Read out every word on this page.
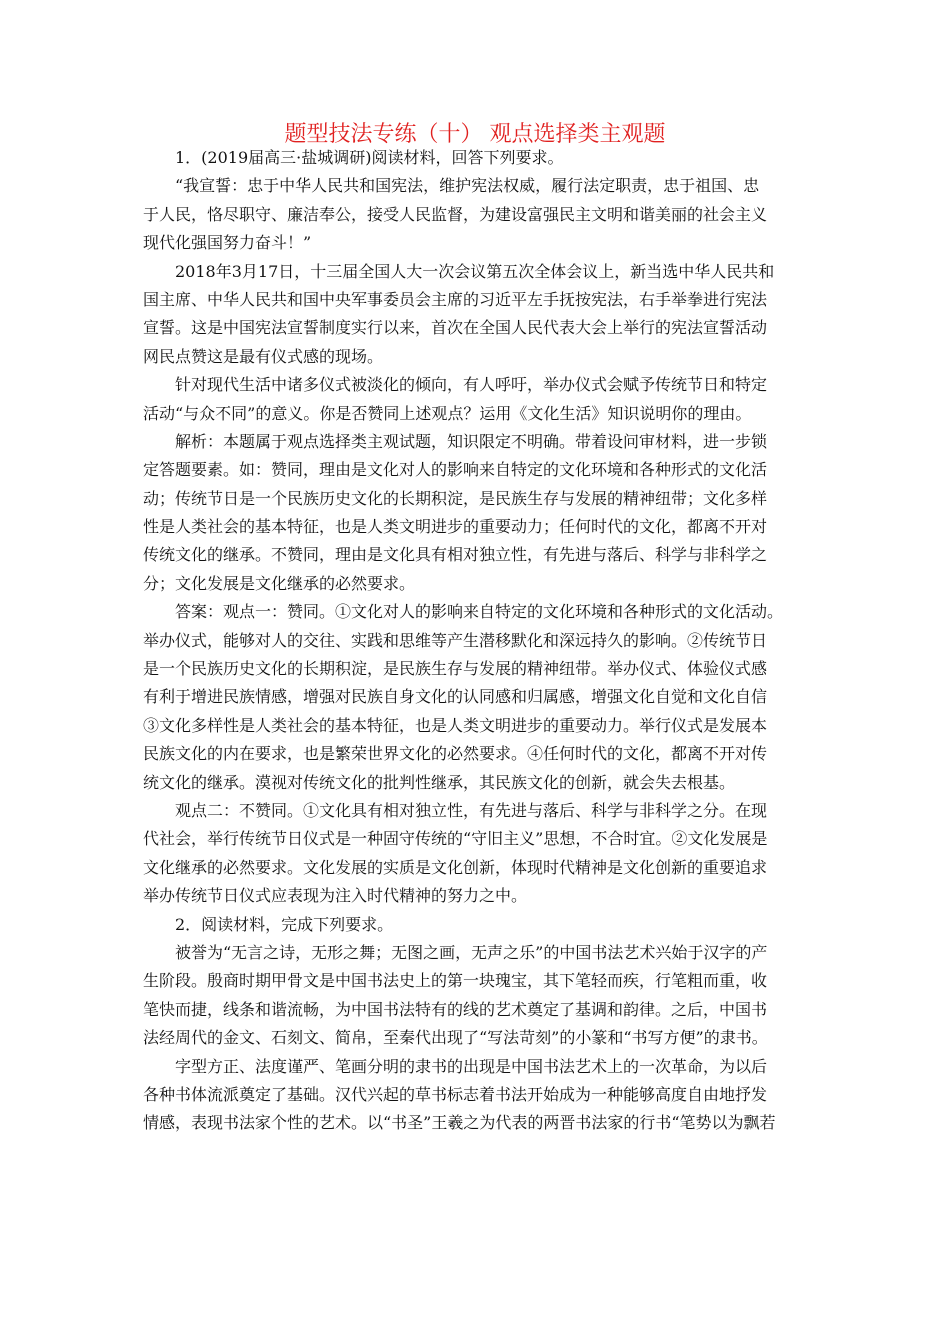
题型技法专练（十） 观点选择类主观题
1．(2019届高三·盐城调研)阅读材料，回答下列要求。
“我宣誓：忠于中华人民共和国宪法，维护宪法权威，履行法定职责，忠于祖国、忠
于人民，恪尽职守、廉洁奉公，接受人民监督，为建设富强民主文明和谐美丽的社会主义
现代化强国努力奋斗！”
2018年3月17日，十三届全国人大一次会议第五次全体会议上，新当选中华人民共和
国主席、中华人民共和国中央军事委员会主席的习近平左手抚按宪法，右手举拳进行宪法
宣誓。这是中国宪法宣誓制度实行以来，首次在全国人民代表大会上举行的宪法宣誓活动
网民点赞这是最有仪式感的现场。
针对现代生活中诸多仪式被淡化的倾向，有人呼吁，举办仪式会赋予传统节日和特定
活动“与众不同”的意义。你是否赞同上述观点？运用《文化生活》知识说明你的理由。
解析：本题属于观点选择类主观试题，知识限定不明确。带着设问审材料，进一步锁
定答题要素。如：赞同，理由是文化对人的影响来自特定的文化环境和各种形式的文化活
动；传统节日是一个民族历史文化的长期积淀，是民族生存与发展的精神纽带；文化多样
性是人类社会的基本特征，也是人类文明进步的重要动力；任何时代的文化，都离不开对
传统文化的继承。不赞同，理由是文化具有相对独立性，有先进与落后、科学与非科学之
分；文化发展是文化继承的必然要求。
答案：观点一：赞同。①文化对人的影响来自特定的文化环境和各种形式的文化活动。
举办仪式，能够对人的交往、实践和思维等产生潜移默化和深远持久的影响。②传统节日
是一个民族历史文化的长期积淀，是民族生存与发展的精神纽带。举办仪式、体验仪式感
有利于增进民族情感，增强对民族自身文化的认同感和归属感，增强文化自觉和文化自信
③文化多样性是人类社会的基本特征，也是人类文明进步的重要动力。举行仪式是发展本
民族文化的内在要求，也是繁荣世界文化的必然要求。④任何时代的文化，都离不开对传
统文化的继承。漠视对传统文化的批判性继承，其民族文化的创新，就会失去根基。
观点二：不赞同。①文化具有相对独立性，有先进与落后、科学与非科学之分。在现
代社会，举行传统节日仪式是一种固守传统的“守旧主义”思想，不合时宜。②文化发展是
文化继承的必然要求。文化发展的实质是文化创新，体现时代精神是文化创新的重要追求
举办传统节日仪式应表现为注入时代精神的努力之中。
2．阅读材料，完成下列要求。
被誉为“无言之诗，无形之舞；无图之画，无声之乐”的中国书法艺术兴始于汉字的产
生阶段。殷商时期甲骨文是中国书法史上的第一块瑰宝，其下笔轻而疾，行笔粗而重，收
笔快而捷，线条和谐流畅，为中国书法特有的线的艺术奠定了基调和韵律。之后，中国书
法经周代的金文、石刻文、简帛，至秦代出现了“写法苛刻”的小篆和“书写方便”的隶书。
字型方正、法度谨严、笔画分明的隶书的出现是中国书法艺术上的一次革命，为以后
各种书体流派奠定了基础。汉代兴起的草书标志着书法开始成为一种能够高度自由地抒发
情感，表现书法家个性的艺术。以“书圣”王羲之为代表的两晋书法家的行书“笔势以为飘若
